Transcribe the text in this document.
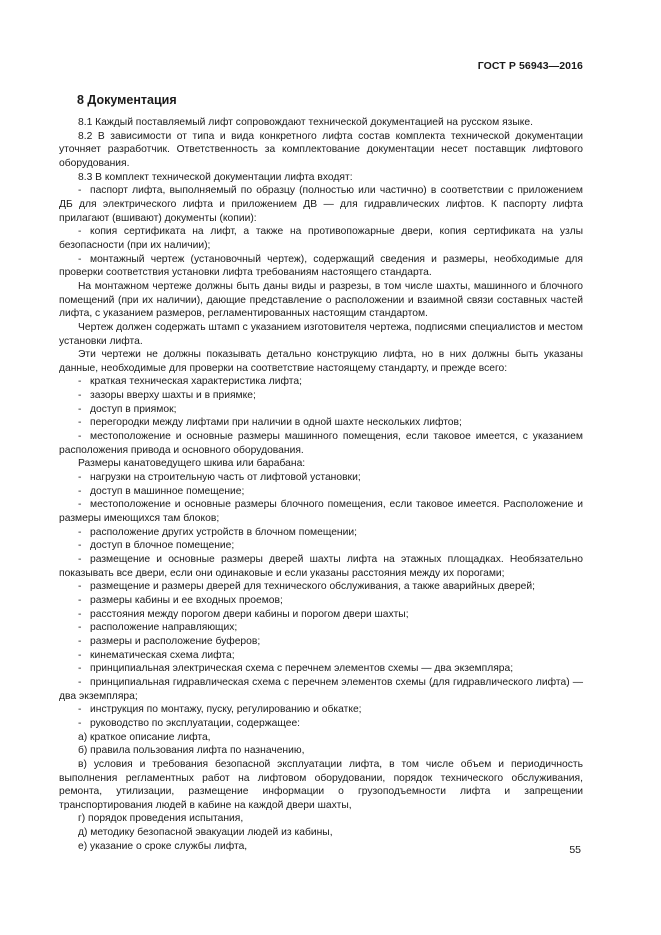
ГОСТ Р 56943—2016
8 Документация

8.1 Каждый поставляемый лифт сопровождают технической документацией на русском языке.

8.2 В зависимости от типа и вида конкретного лифта состав комплекта технической документации уточняет разработчик. Ответственность за комплектование документации несет поставщик лифтового оборудования.

8.3 В комплект технической документации лифта входят:

- паспорт лифта, выполняемый по образцу (полностью или частично) в соответствии с приложением ДБ для электрического лифта и приложением ДВ — для гидравлических лифтов. К паспорту лифта прилагают (вшивают) документы (копии):

- копия сертификата на лифт, а также на противопожарные двери, копия сертификата на узлы безопасности (при их наличии);

- монтажный чертеж (установочный чертеж), содержащий сведения и размеры, необходимые для проверки соответствия установки лифта требованиям настоящего стандарта.

На монтажном чертеже должны быть даны виды и разрезы, в том числе шахты, машинного и блочного помещений (при их наличии), дающие представление о расположении и взаимной связи составных частей лифта, с указанием размеров, регламентированных настоящим стандартом.

Чертеж должен содержать штамп с указанием изготовителя чертежа, подписями специалистов и местом установки лифта.

Эти чертежи не должны показывать детально конструкцию лифта, но в них должны быть указаны данные, необходимые для проверки на соответствие настоящему стандарту, и прежде всего:

- краткая техническая характеристика лифта;

- зазоры вверху шахты и в приямке;

- доступ в приямок;

- перегородки между лифтами при наличии в одной шахте нескольких лифтов;

- местоположение и основные размеры машинного помещения, если таковое имеется, с указанием расположения привода и основного оборудования.

Размеры канатоведущего шкива или барабана:

- нагрузки на строительную часть от лифтовой установки;

- доступ в машинное помещение;

- местоположение и основные размеры блочного помещения, если таковое имеется. Расположение и размеры имеющихся там блоков;

- расположение других устройств в блочном помещении;

- доступ в блочное помещение;

- размещение и основные размеры дверей шахты лифта на этажных площадках. Необязательно показывать все двери, если они одинаковые и если указаны расстояния между их порогами;

- размещение и размеры дверей для технического обслуживания, а также аварийных дверей;

- размеры кабины и ее входных проемов;

- расстояния между порогом двери кабины и порогом двери шахты;

- расположение направляющих;

- размеры и расположение буферов;

- кинематическая схема лифта;

- принципиальная электрическая схема с перечнем элементов схемы — два экземпляра;

- принципиальная гидравлическая схема с перечнем элементов схемы (для гидравлического лифта) — два экземпляра;

- инструкция по монтажу, пуску, регулированию и обкатке;

- руководство по эксплуатации, содержащее:

а) краткое описание лифта,

б) правила пользования лифта по назначению,

в) условия и требования безопасной эксплуатации лифта, в том числе объем и периодичность выполнения регламентных работ на лифтовом оборудовании, порядок технического обслуживания, ремонта, утилизации, размещение информации о грузоподъемности лифта и запрещении транспортирования людей в кабине на каждой двери шахты,

г) порядок проведения испытания,

д) методику безопасной эвакуации людей из кабины,

е) указание о сроке службы лифта,	55
